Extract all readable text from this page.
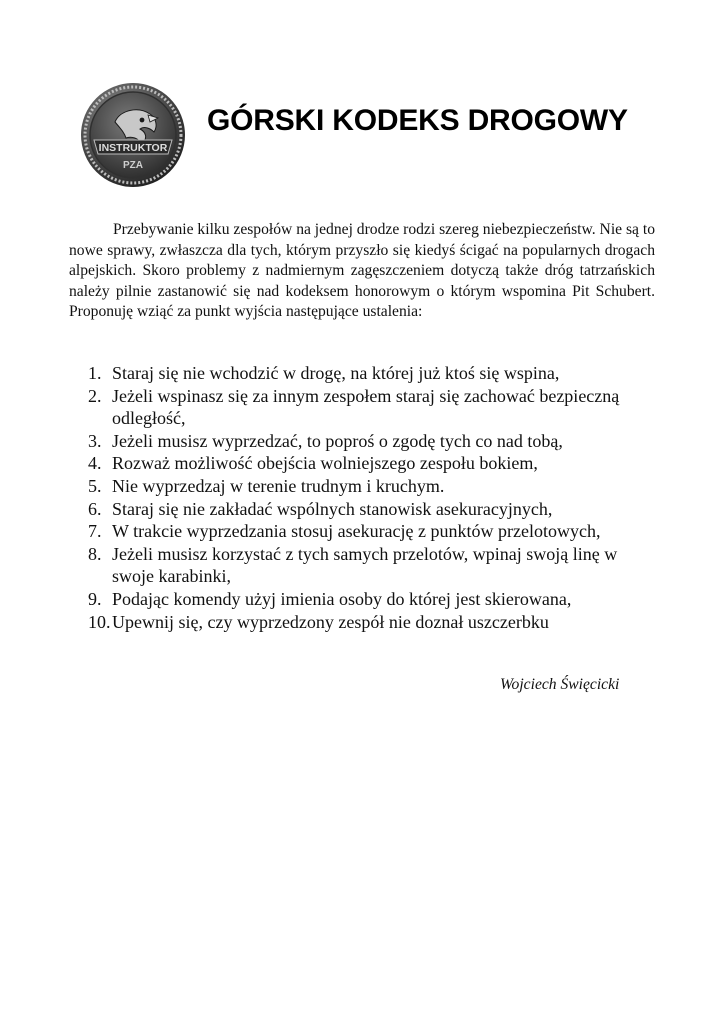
INSTRUKTOR
PZA
GÓRSKI KODEKS DROGOWY

Przebywanie kilku zespołów na jednej drodze rodzi szereg niebezpieczeństw. Nie są to nowe sprawy, zwłaszcza dla tych, którym przyszło się kiedyś ścigać na popularnych drogach alpejskich. Skoro problemy z nadmiernym zagęszczeniem dotyczą także dróg tatrzańskich należy pilnie zastanowić się nad kodeksem honorowym o którym wspomina Pit Schubert. Proponuję wziąć za punkt wyjścia następujące ustalenia:

1. Staraj się nie wchodzić w drogę, na której już ktoś się wspina,
2. Jeżeli wspinasz się za innym zespołem staraj się zachować bezpieczną odległość,
3. Jeżeli musisz wyprzedzać, to poproś o zgodę tych co nad tobą,
4. Rozważ możliwość obejścia wolniejszego zespołu bokiem,
5. Nie wyprzedzaj w terenie trudnym i kruchym.
6. Staraj się nie zakładać wspólnych stanowisk asekuracyjnych,
7. W trakcie wyprzedzania stosuj asekurację z punktów przelotowych,
8. Jeżeli musisz korzystać z tych samych przelotów, wpinaj swoją linę w swoje karabinki,
9. Podając komendy użyj imienia osoby do której jest skierowana,
10. Upewnij się, czy wyprzedzony zespół nie doznał uszczerbku

Wojciech Święcicki
